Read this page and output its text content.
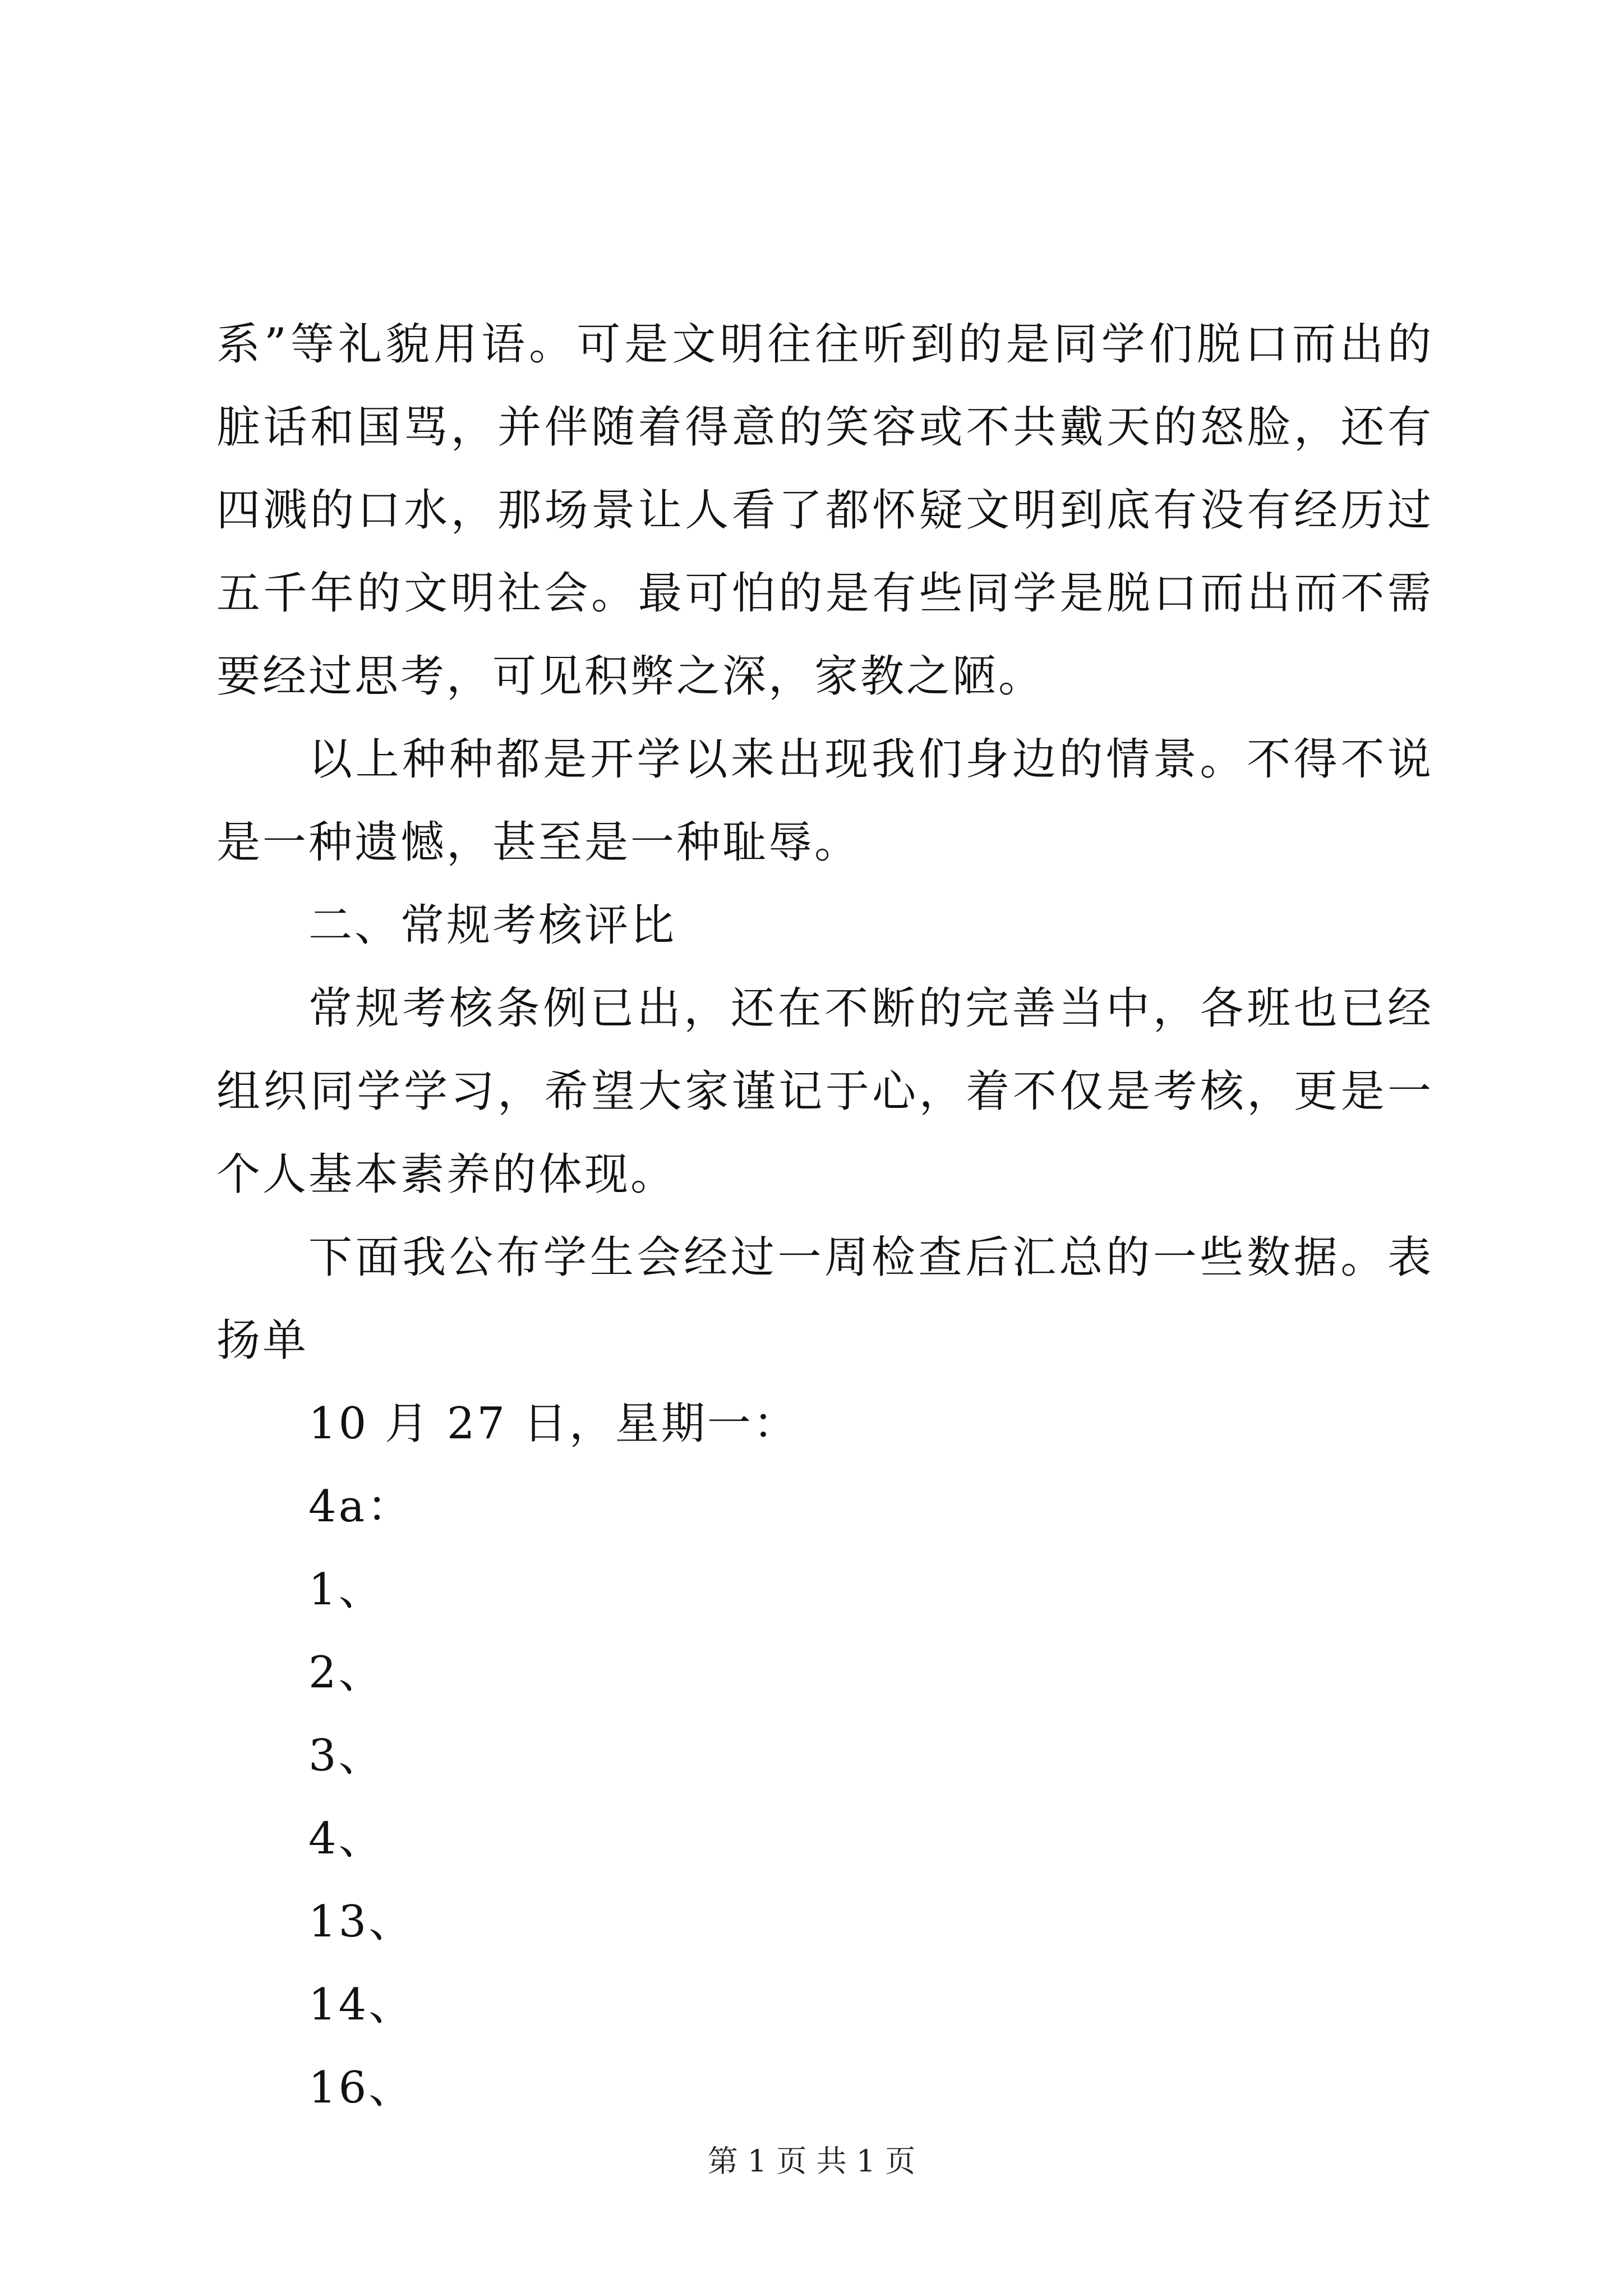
系”等礼貌用语。可是文明往往听到的是同学们脱口而出的脏话和国骂，并伴随着得意的笑容或不共戴天的怒脸，还有四溅的口水，那场景让人看了都怀疑文明到底有没有经历过五千年的文明社会。最可怕的是有些同学是脱口而出而不需要经过思考，可见积弊之深，家教之陋。

以上种种都是开学以来出现我们身边的情景。不得不说是一种遗憾，甚至是一种耻辱。

二、常规考核评比

常规考核条例已出，还在不断的完善当中，各班也已经组织同学学习，希望大家谨记于心，着不仅是考核，更是一个人基本素养的体现。

下面我公布学生会经过一周检查后汇总的一些数据。表扬单

10 月 27 日，星期一：

4a：

1、

2、

3、

4、

13、

14、

16、

第 1 页 共 1 页
